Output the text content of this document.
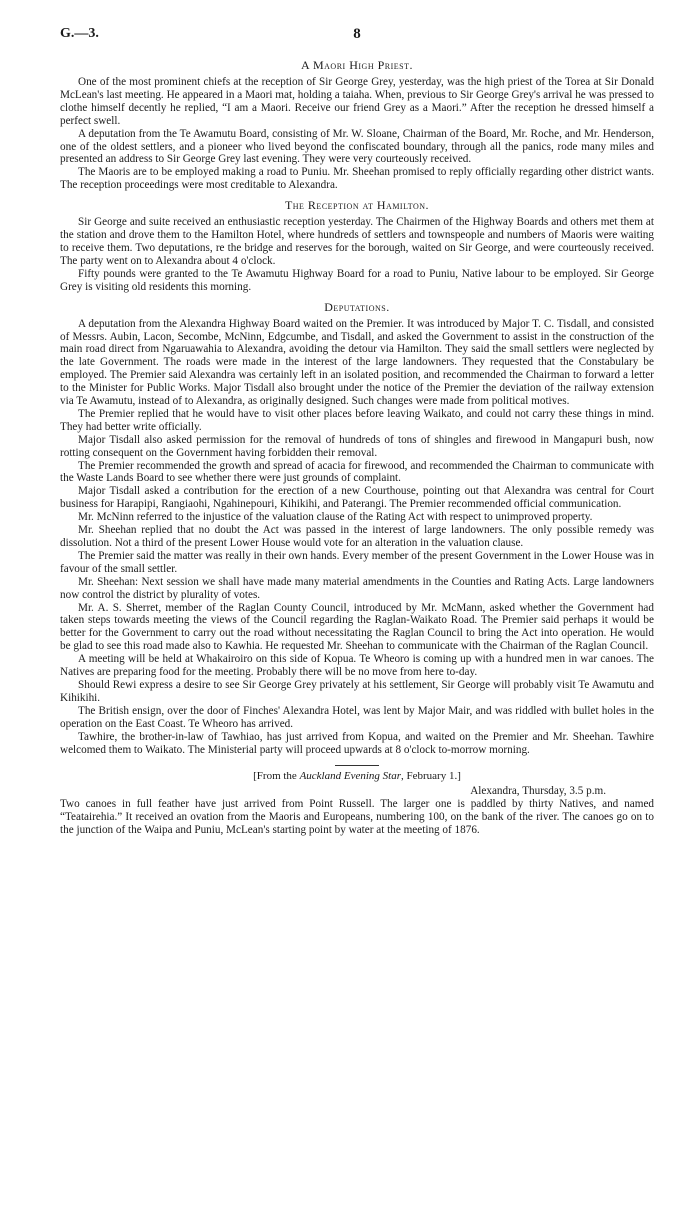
G.—3.	8
A Maori High Priest.

One of the most prominent chiefs at the reception of Sir George Grey, yesterday, was the high priest of the Torea at Sir Donald McLean's last meeting. He appeared in a Maori mat, holding a taiaha. When, previous to Sir George Grey's arrival he was pressed to clothe himself decently he replied, “I am a Maori. Receive our friend Grey as a Maori.” After the reception he dressed himself a perfect swell.

A deputation from the Te Awamutu Board, consisting of Mr. W. Sloane, Chairman of the Board, Mr. Roche, and Mr. Henderson, one of the oldest settlers, and a pioneer who lived beyond the confiscated boundary, through all the panics, rode many miles and presented an address to Sir George Grey last evening. They were very courteously received.

The Maoris are to be employed making a road to Puniu. Mr. Sheehan promised to reply officially regarding other district wants. The reception proceedings were most creditable to Alexandra.

The Reception at Hamilton.

Sir George and suite received an enthusiastic reception yesterday. The Chairmen of the Highway Boards and others met them at the station and drove them to the Hamilton Hotel, where hundreds of settlers and townspeople and numbers of Maoris were waiting to receive them. Two deputations, re the bridge and reserves for the borough, waited on Sir George, and were courteously received. The party went on to Alexandra about 4 o'clock.

Fifty pounds were granted to the Te Awamutu Highway Board for a road to Puniu, Native labour to be employed. Sir George Grey is visiting old residents this morning.

Deputations.

A deputation from the Alexandra Highway Board waited on the Premier. It was introduced by Major T. C. Tisdall, and consisted of Messrs. Aubin, Lacon, Secombe, McNinn, Edgcumbe, and Tisdall, and asked the Government to assist in the construction of the main road direct from Ngaruawahia to Alexandra, avoiding the detour via Hamilton. They said the small settlers were neglected by the late Government. The roads were made in the interest of the large landowners. They requested that the Constabulary be employed. The Premier said Alexandra was certainly left in an isolated position, and recommended the Chairman to forward a letter to the Minister for Public Works. Major Tisdall also brought under the notice of the Premier the deviation of the railway extension via Te Awamutu, instead of to Alexandra, as originally designed. Such changes were made from political motives.

The Premier replied that he would have to visit other places before leaving Waikato, and could not carry these things in mind. They had better write officially.

Major Tisdall also asked permission for the removal of hundreds of tons of shingles and firewood in Mangapuri bush, now rotting consequent on the Government having forbidden their removal.

The Premier recommended the growth and spread of acacia for firewood, and recommended the Chairman to communicate with the Waste Lands Board to see whether there were just grounds of complaint.

Major Tisdall asked a contribution for the erection of a new Courthouse, pointing out that Alexandra was central for Court business for Harapipi, Rangiaohi, Ngahinepouri, Kihikihi, and Paterangi. The Premier recommended official communication.

Mr. McNinn referred to the injustice of the valuation clause of the Rating Act with respect to unimproved property.

Mr. Sheehan replied that no doubt the Act was passed in the interest of large landowners. The only possible remedy was dissolution. Not a third of the present Lower House would vote for an alteration in the valuation clause.

The Premier said the matter was really in their own hands. Every member of the present Government in the Lower House was in favour of the small settler.

Mr. Sheehan: Next session we shall have made many material amendments in the Counties and Rating Acts. Large landowners now control the district by plurality of votes.

Mr. A. S. Sherret, member of the Raglan County Council, introduced by Mr. McMann, asked whether the Government had taken steps towards meeting the views of the Council regarding the Raglan-Waikato Road. The Premier said perhaps it would be better for the Government to carry out the road without necessitating the Raglan Council to bring the Act into operation. He would be glad to see this road made also to Kawhia. He requested Mr. Sheehan to communicate with the Chairman of the Raglan Council.

A meeting will be held at Whakairoiro on this side of Kopua. Te Wheoro is coming up with a hundred men in war canoes. The Natives are preparing food for the meeting. Probably there will be no move from here to-day.

Should Rewi express a desire to see Sir George Grey privately at his settlement, Sir George will probably visit Te Awamutu and Kihikihi.

The British ensign, over the door of Finches' Alexandra Hotel, was lent by Major Mair, and was riddled with bullet holes in the operation on the East Coast. Te Wheoro has arrived.

Tawhire, the brother-in-law of Tawhiao, has just arrived from Kopua, and waited on the Premier and Mr. Sheehan. Tawhire welcomed them to Waikato. The Ministerial party will proceed upwards at 8 o'clock to-morrow morning.

[From the Auckland Evening Star, February 1.]

Alexandra, Thursday, 3.5 p.m.

Two canoes in full feather have just arrived from Point Russell. The larger one is paddled by thirty Natives, and named “Teatairehia.” It received an ovation from the Maoris and Europeans, numbering 100, on the bank of the river. The canoes go on to the junction of the Waipa and Puniu, McLean's starting point by water at the meeting of 1876.
